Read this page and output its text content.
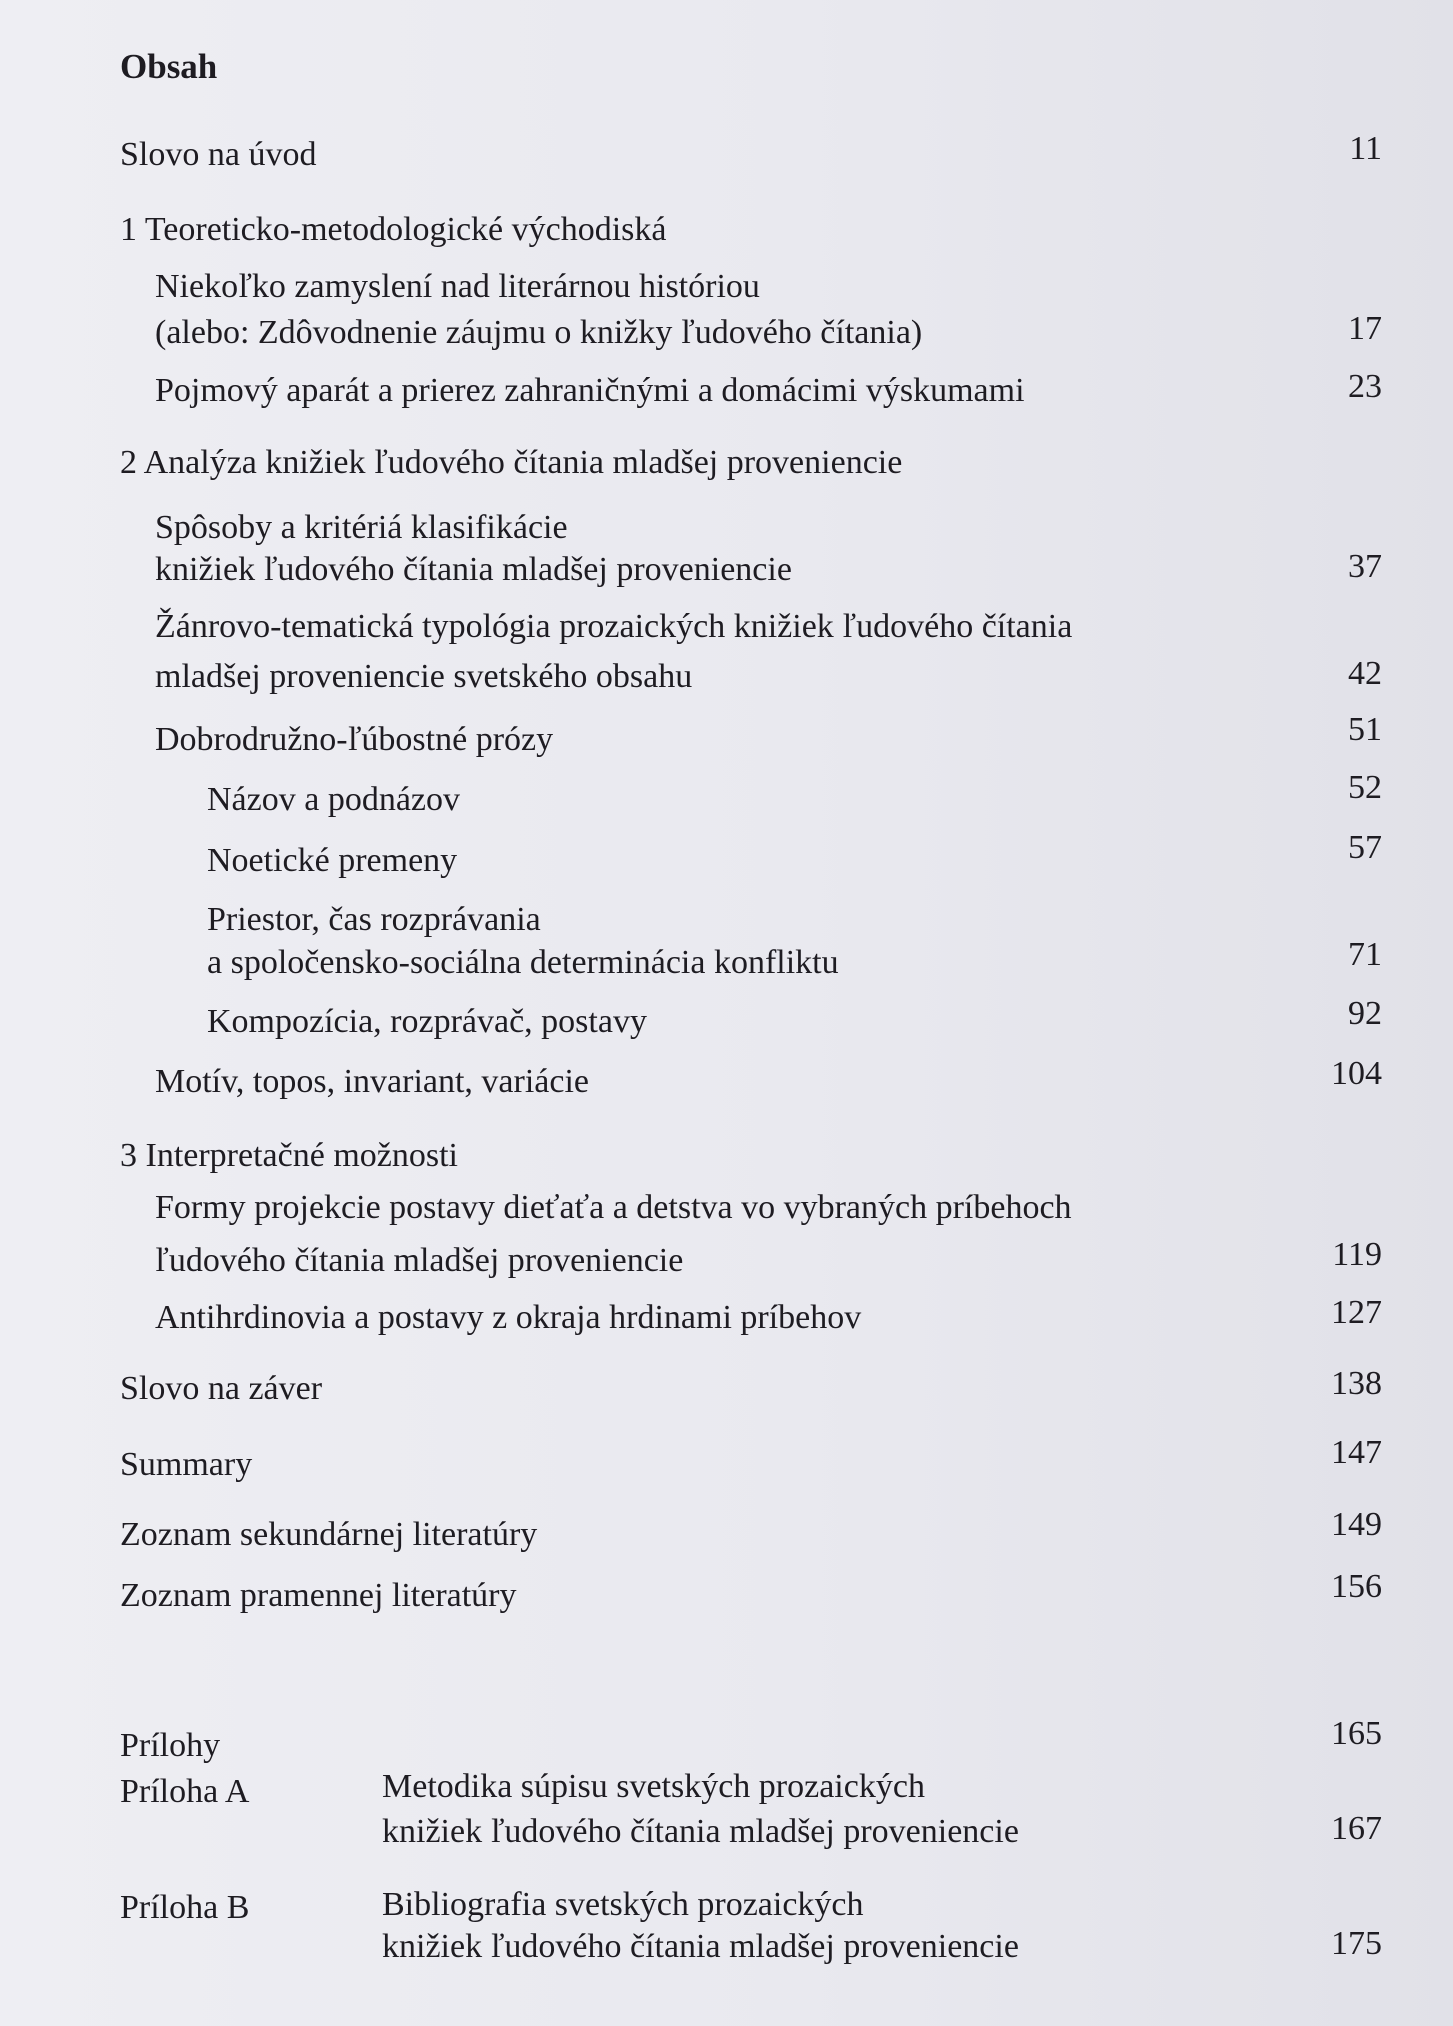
Obsah
Slovo na úvod	11
1 Teoreticko-metodologické východiská
Niekoľko zamyslení nad literárnou históriou
(alebo: Zdôvodnenie záujmu o knižky ľudového čítania)	17
Pojmový aparát a prierez zahraničnými a domácimi výskumami	23
2 Analýza knižiek ľudového čítania mladšej proveniencie
Spôsoby a kritériá klasifikácie
knižiek ľudového čítania mladšej proveniencie	37
Žánrovo-tematická typológia prozaických knižiek ľudového čítania
mladšej proveniencie svetského obsahu	42
Dobrodružno-ľúbostné prózy	51
Názov a podnázov	52
Noetické premeny	57
Priestor, čas rozprávania
a spoločensko-sociálna determinácia konfliktu	71
Kompozícia, rozprávač, postavy	92
Motív, topos, invariant, variácie	104
3 Interpretačné možnosti
Formy projekcie postavy dieťaťa a detstva vo vybraných príbehoch
ľudového čítania mladšej proveniencie	119
Antihrdinovia a postavy z okraja hrdinami príbehov	127
Slovo na záver	138
Summary	147
Zoznam sekundárnej literatúry	149
Zoznam pramennej literatúry	156
Prílohy	165
Príloha A	Metodika súpisu svetských prozaických
knižiek ľudového čítania mladšej proveniencie	167
Príloha B	Bibliografia svetských prozaických
knižiek ľudového čítania mladšej proveniencie	175
